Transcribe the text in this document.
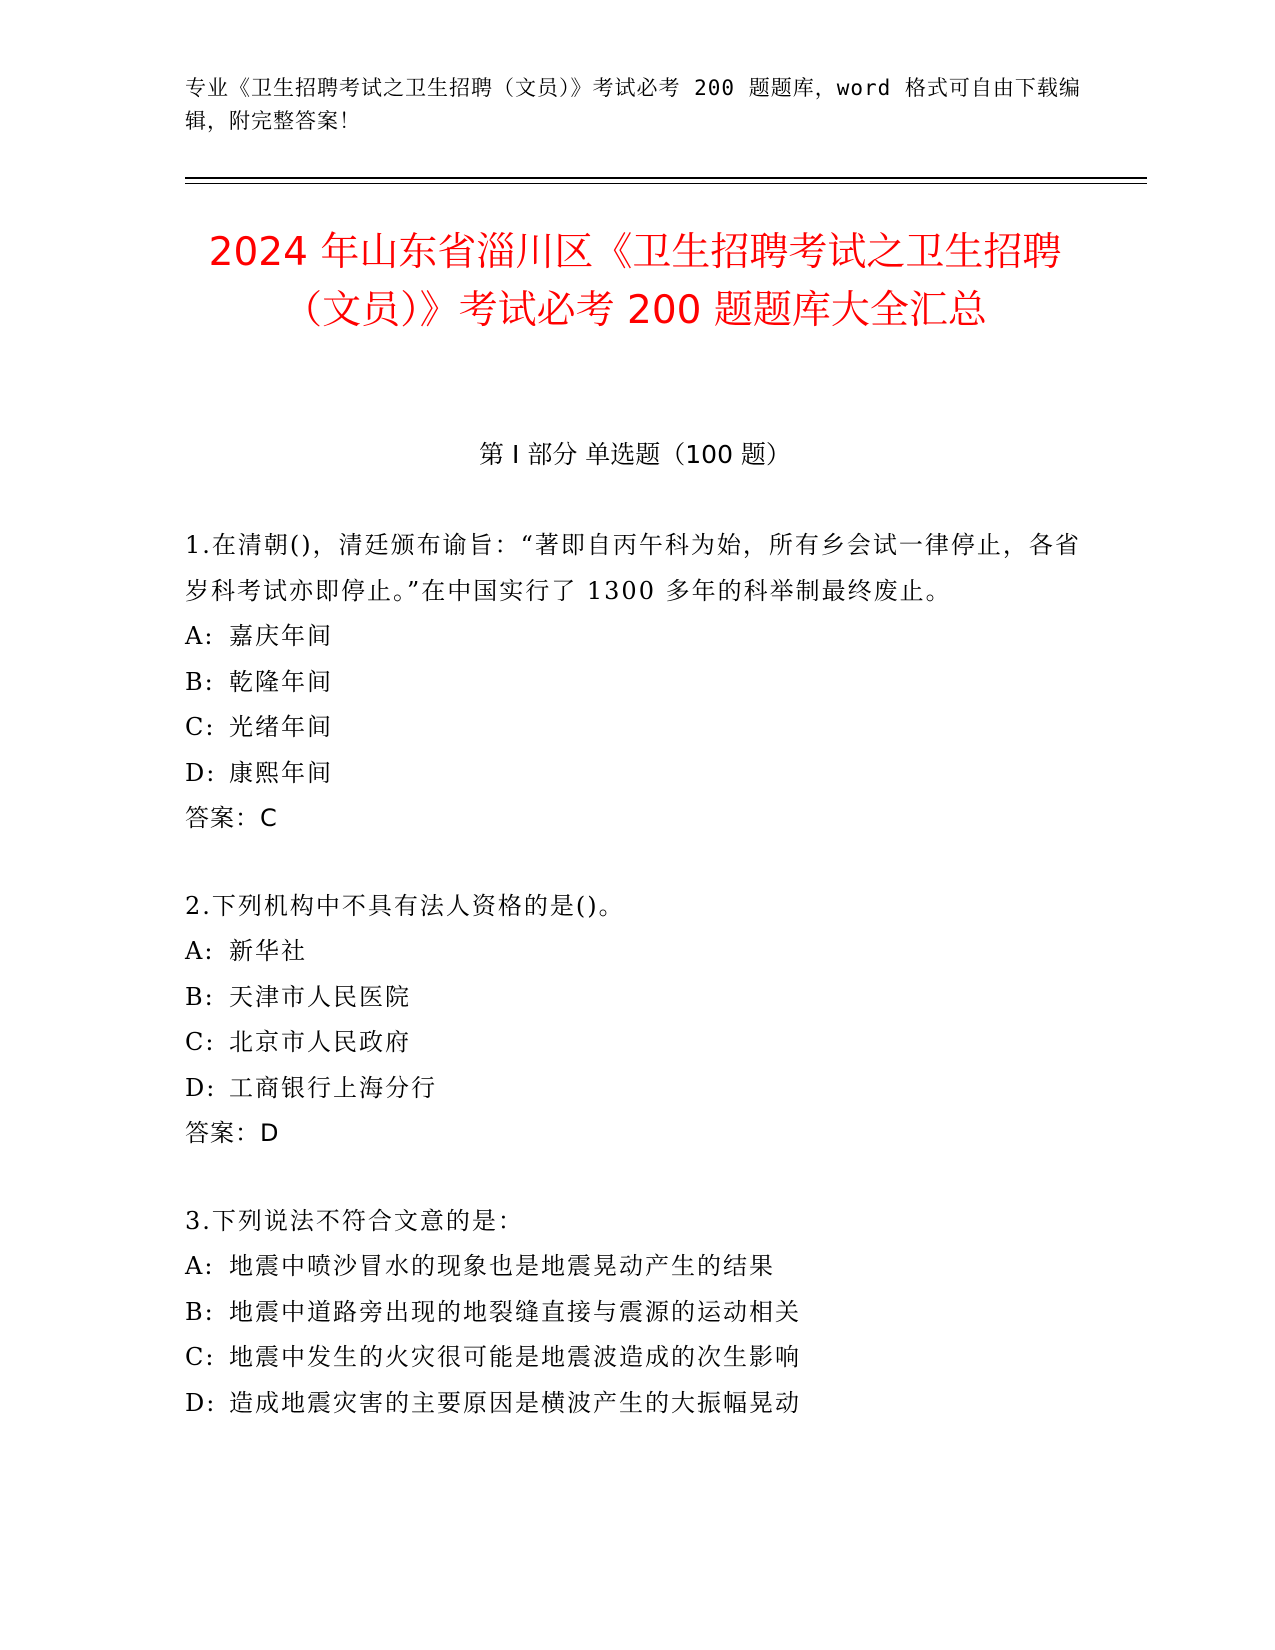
专业《卫生招聘考试之卫生招聘（文员）》考试必考 200 题题库，word 格式可自由下载编辑，附完整答案！
2024 年山东省淄川区《卫生招聘考试之卫生招聘（文员）》考试必考 200 题题库大全汇总
第 I 部分 单选题（100 题）
1.在清朝()，清廷颁布谕旨：“著即自丙午科为始，所有乡会试一律停止，各省岁科考试亦即停止。”在中国实行了 1300 多年的科举制最终废止。
A: 嘉庆年间
B: 乾隆年间
C: 光绪年间
D: 康熙年间
答案：C
2.下列机构中不具有法人资格的是()。
A: 新华社
B: 天津市人民医院
C: 北京市人民政府
D: 工商银行上海分行
答案：D
3.下列说法不符合文意的是：
A: 地震中喷沙冒水的现象也是地震晃动产生的结果
B: 地震中道路旁出现的地裂缝直接与震源的运动相关
C: 地震中发生的火灾很可能是地震波造成的次生影响
D: 造成地震灾害的主要原因是横波产生的大振幅晃动
